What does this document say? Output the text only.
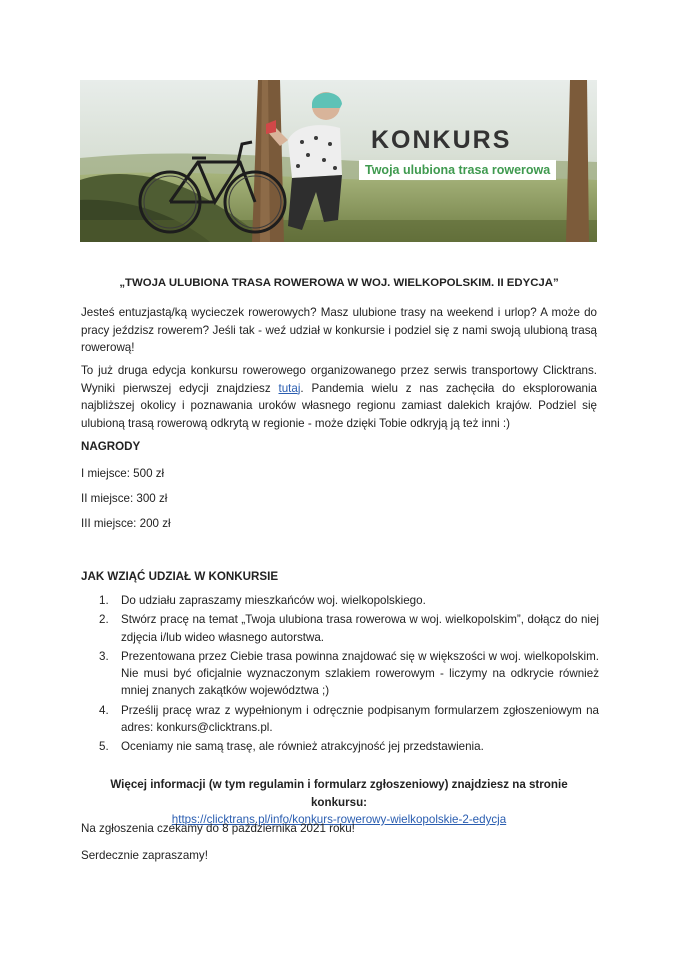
KONKURS
Twoja ulubiona trasa rowerowa
„TWOJA ULUBIONA TRASA ROWEROWA W WOJ. WIELKOPOLSKIM. II EDYCJA”

Jesteś entuzjastą/ką wycieczek rowerowych? Masz ulubione trasy na weekend i urlop? A może do pracy jeździsz rowerem? Jeśli tak - weź udział w konkursie i podziel się z nami swoją ulubioną trasą rowerową!

To już druga edycja konkursu rowerowego organizowanego przez serwis transportowy Clicktrans. Wyniki pierwszej edycji znajdziesz tutaj. Pandemia wielu z nas zachęciła do eksplorowania najbliższej okolicy i poznawania uroków własnego regionu zamiast dalekich krajów. Podziel się ulubioną trasą rowerową odkrytą w regionie - może dzięki Tobie odkryją ją też inni :)

NAGRODY
I miejsce: 500 zł
II miejsce: 300 zł
III miejsce: 200 zł
JAK WZIĄĆ UDZIAŁ W KONKURSIE
1. Do udziału zapraszamy mieszkańców woj. wielkopolskiego.
2. Stwórz pracę na temat „Twoja ulubiona trasa rowerowa w woj. wielkopolskim”, dołącz do niej zdjęcia i/lub wideo własnego autorstwa.
3. Prezentowana przez Ciebie trasa powinna znajdować się w większości w woj. wielkopolskim. Nie musi być oficjalnie wyznaczonym szlakiem rowerowym - liczymy na odkrycie również mniej znanych zakątków województwa ;)
4. Prześlij pracę wraz z wypełnionym i odręcznie podpisanym formularzem zgłoszeniowym na adres: konkurs@clicktrans.pl.
5. Oceniamy nie samą trasę, ale również atrakcyjność jej przedstawienia.
Więcej informacji (w tym regulamin i formularz zgłoszeniowy) znajdziesz na stronie konkursu:
https://clicktrans.pl/info/konkurs-rowerowy-wielkopolskie-2-edycja
Na zgłoszenia czekamy do 8 października 2021 roku!
Serdecznie zapraszamy!
